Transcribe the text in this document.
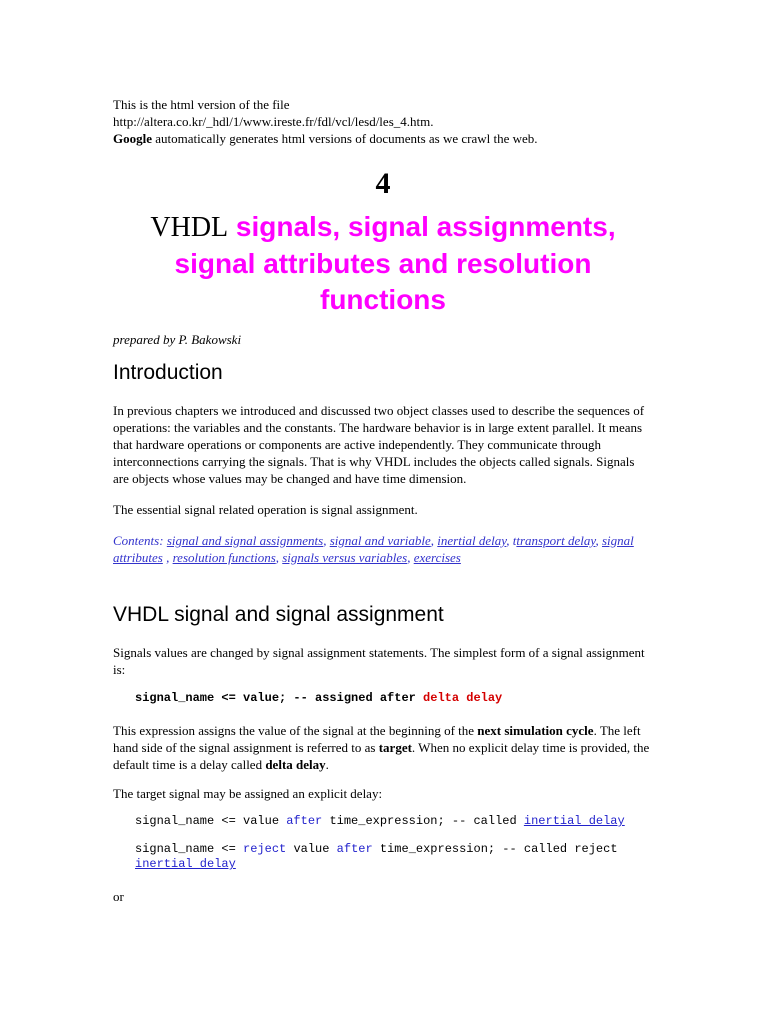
This is the html version of the file
http://altera.co.kr/_hdl/1/www.ireste.fr/fdl/vcl/lesd/les_4.htm.
Google automatically generates html versions of documents as we crawl the web.
4
VHDL signals, signal assignments, signal attributes and resolution functions
prepared by P. Bakowski
Introduction

In previous chapters we introduced and discussed two object classes used to describe the sequences of operations: the variables and the constants. The hardware behavior is in large extent parallel. It means that hardware operations or components are active independently. They communicate through interconnections carrying the signals. That is why VHDL includes the objects called signals. Signals are objects whose values may be changed and have time dimension.

The essential signal related operation is signal assignment.

Contents: signal and signal assignments, signal and variable, inertial delay, ttransport delay, signal attributes , resolution functions, signals versus variables, exercises

VHDL signal and signal assignment

Signals values are changed by signal assignment statements. The simplest form of a signal assignment is:

signal_name <= value; -- assigned after delta delay

This expression assigns the value of the signal at the beginning of the next simulation cycle. The left hand side of the signal assignment is referred to as target. When no explicit delay time is provided, the default time is a delay called delta delay.

The target signal may be assigned an explicit delay:

signal_name <= value after time_expression; -- called inertial delay
signal_name <= reject value after time_expression; -- called reject
inertial delay

or
